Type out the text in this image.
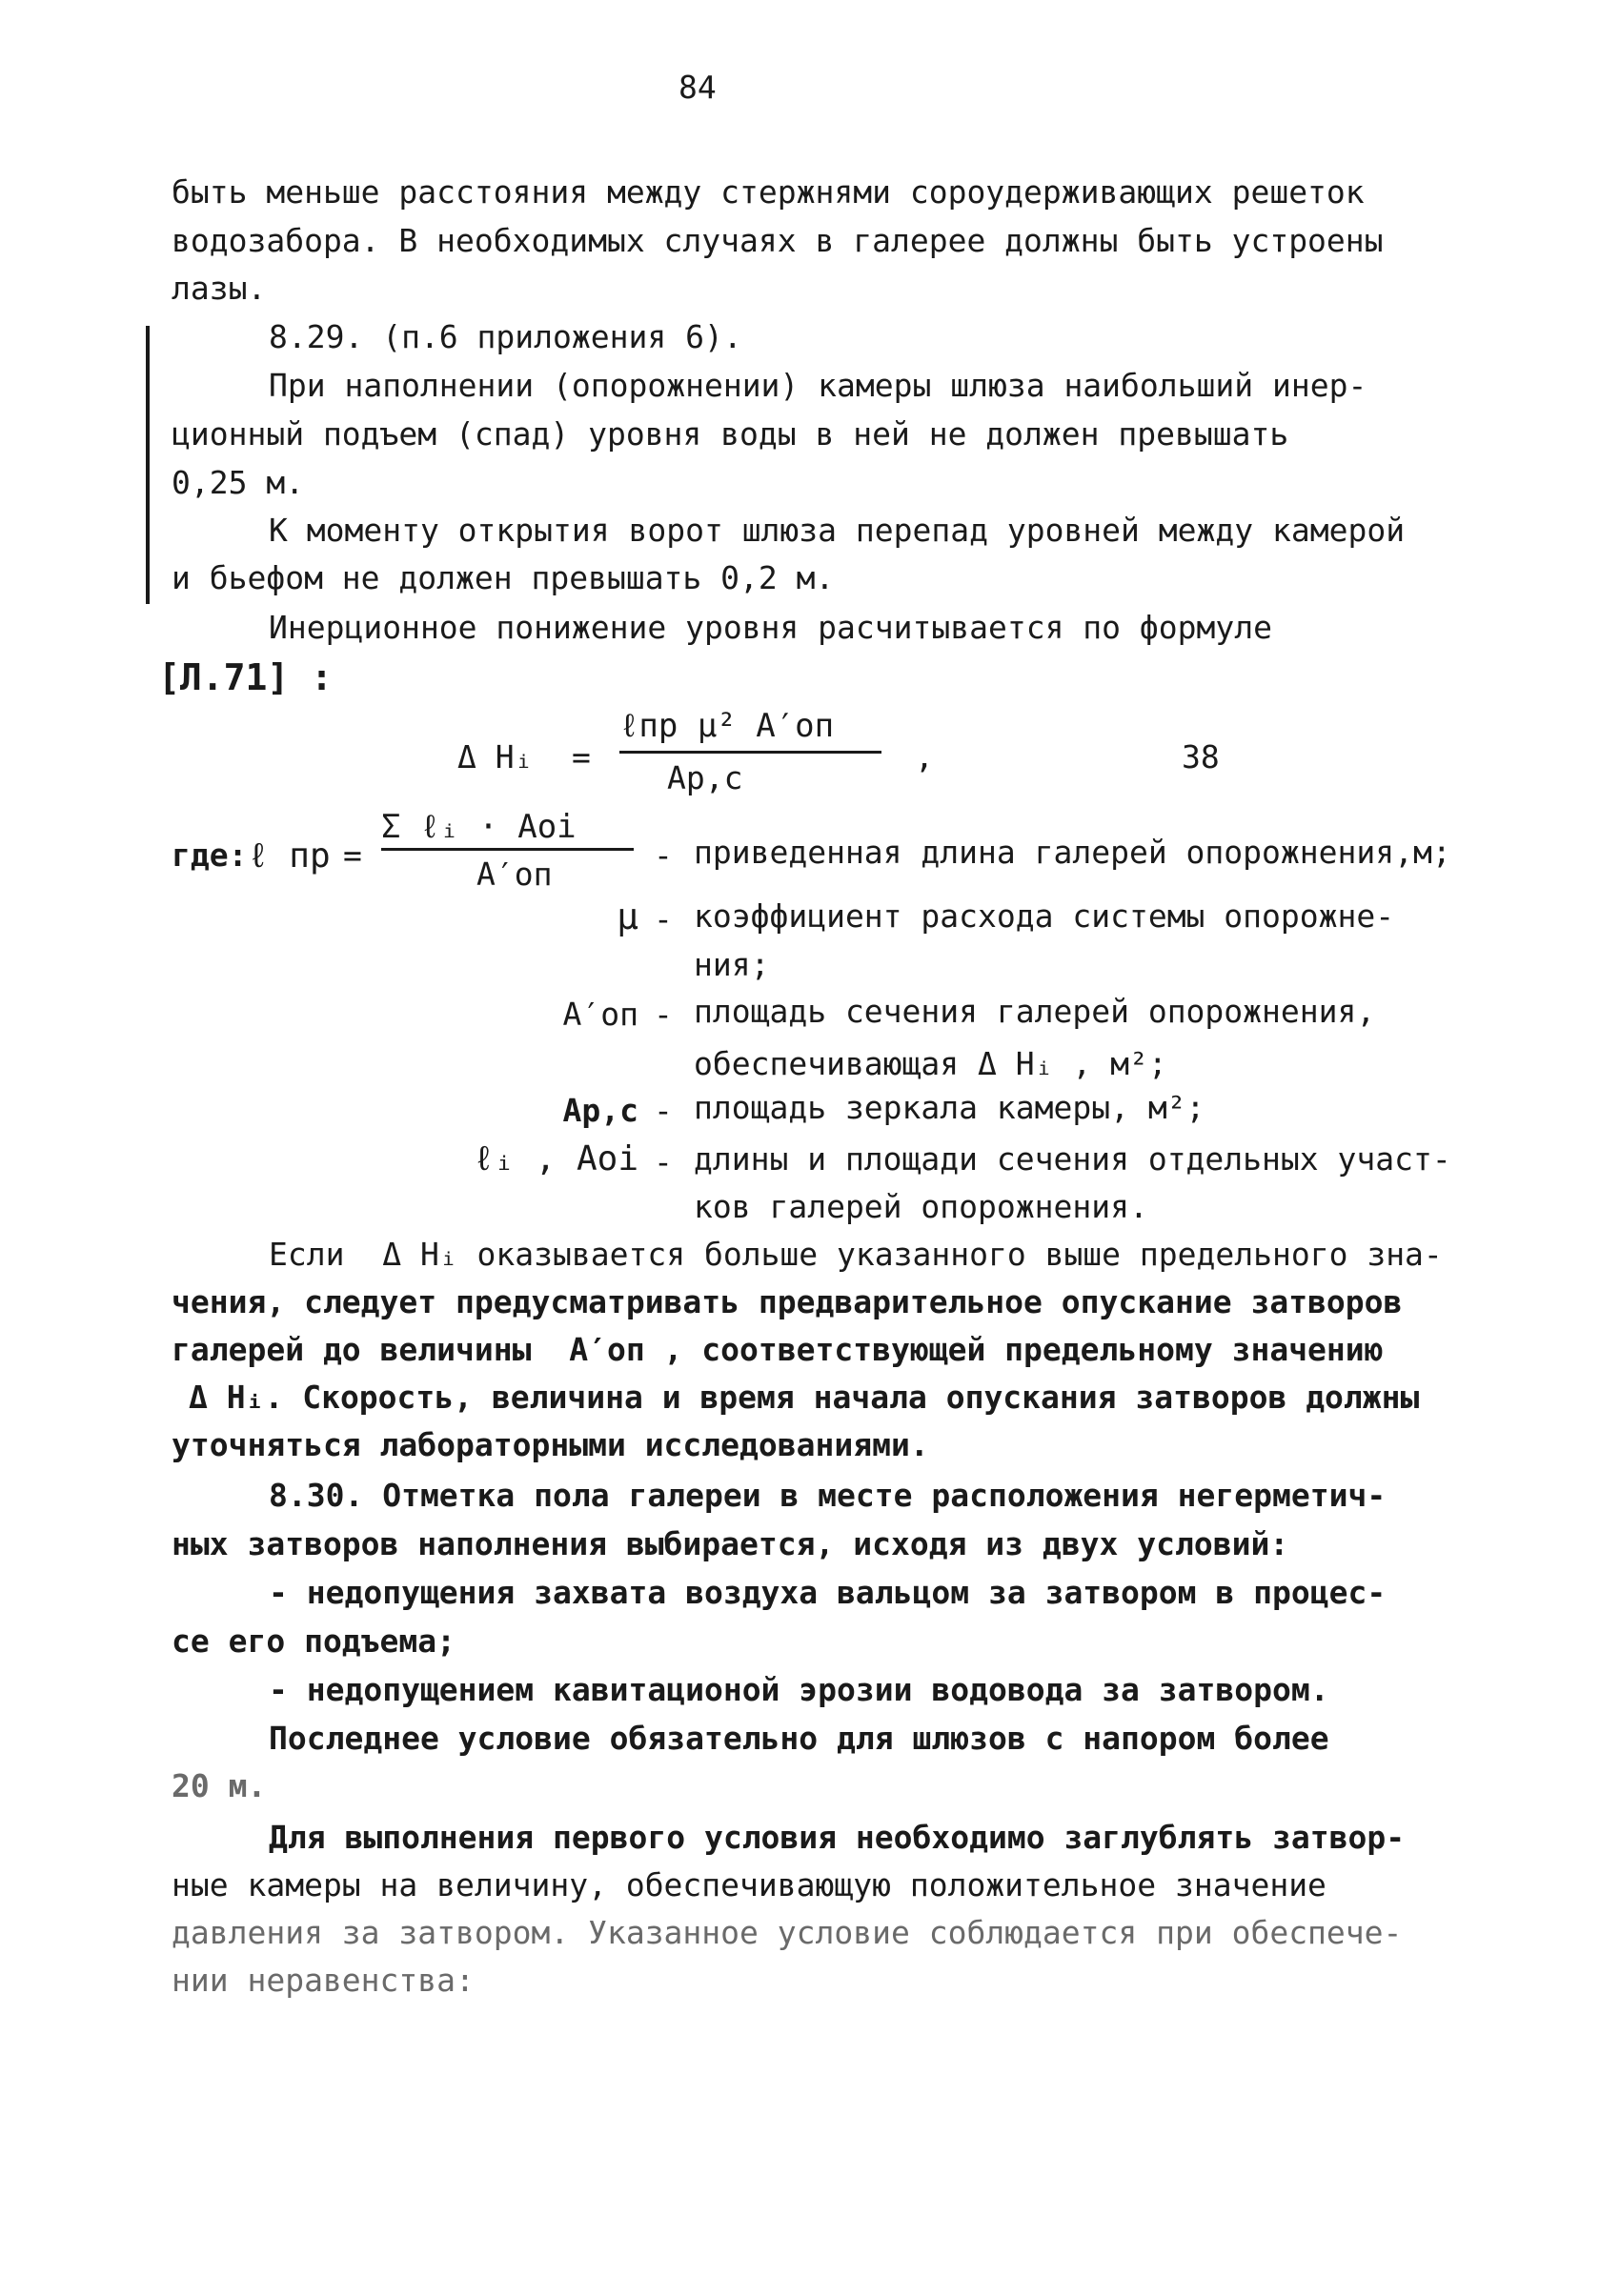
84
быть меньше расстояния между стержнями сороудерживающих решеток
водозабора. В необходимых случаях в галерее должны быть устроены
лазы.
8.29. (п.6 приложения 6).
При наполнении (опорожнении) камеры шлюза наибольший инер-
ционный подъем (спад) уровня воды в ней не должен превышать
0,25 м.
К моменту открытия ворот шлюза перепад уровней между камерой
и бьефом не должен превышать 0,2 м.
Инерционное понижение уровня расчитывается по формуле
[Л.71] :
Δ Hᵢ =
ℓпр μ² A′оп
Ap,c
,	38
где: ℓ пр =
Σ ℓᵢ · Aoi
A′оп
- приведенная длина галерей опорожнения,м;
μ - коэффициент расхода системы опорожне-
ния;
A′оп - площадь сечения галерей опорожнения,
обеспечивающая Δ Hᵢ , м²;
Ap,c - площадь зеркала камеры, м²;
ℓᵢ , Aoi - длины и площади сечения отдельных участ-
ков галерей опорожнения.
Если  Δ Hᵢ оказывается больше указанного выше предельного зна-
чения, следует предусматривать предварительное опускание затворов
галерей до величины  A′оп , соответствующей предельному значению
Δ Hᵢ. Скорость, величина и время начала опускания затворов должны
уточняться лабораторными исследованиями.
8.30. Отметка пола галереи в месте расположения негерметич-
ных затворов наполнения выбирается, исходя из двух условий:
- недопущения захвата воздуха вальцом за затвором в процес-
се его подъема;
- недопущением кавитационой эрозии водовода за затвором.
Последнее условие обязательно для шлюзов с напором более
20 м.
Для выполнения первого условия необходимо заглублять затвор-
ные камеры на величину, обеспечивающую положительное значение
давления за затвором. Указанное условие соблюдается при обеспече-
нии неравенства:
